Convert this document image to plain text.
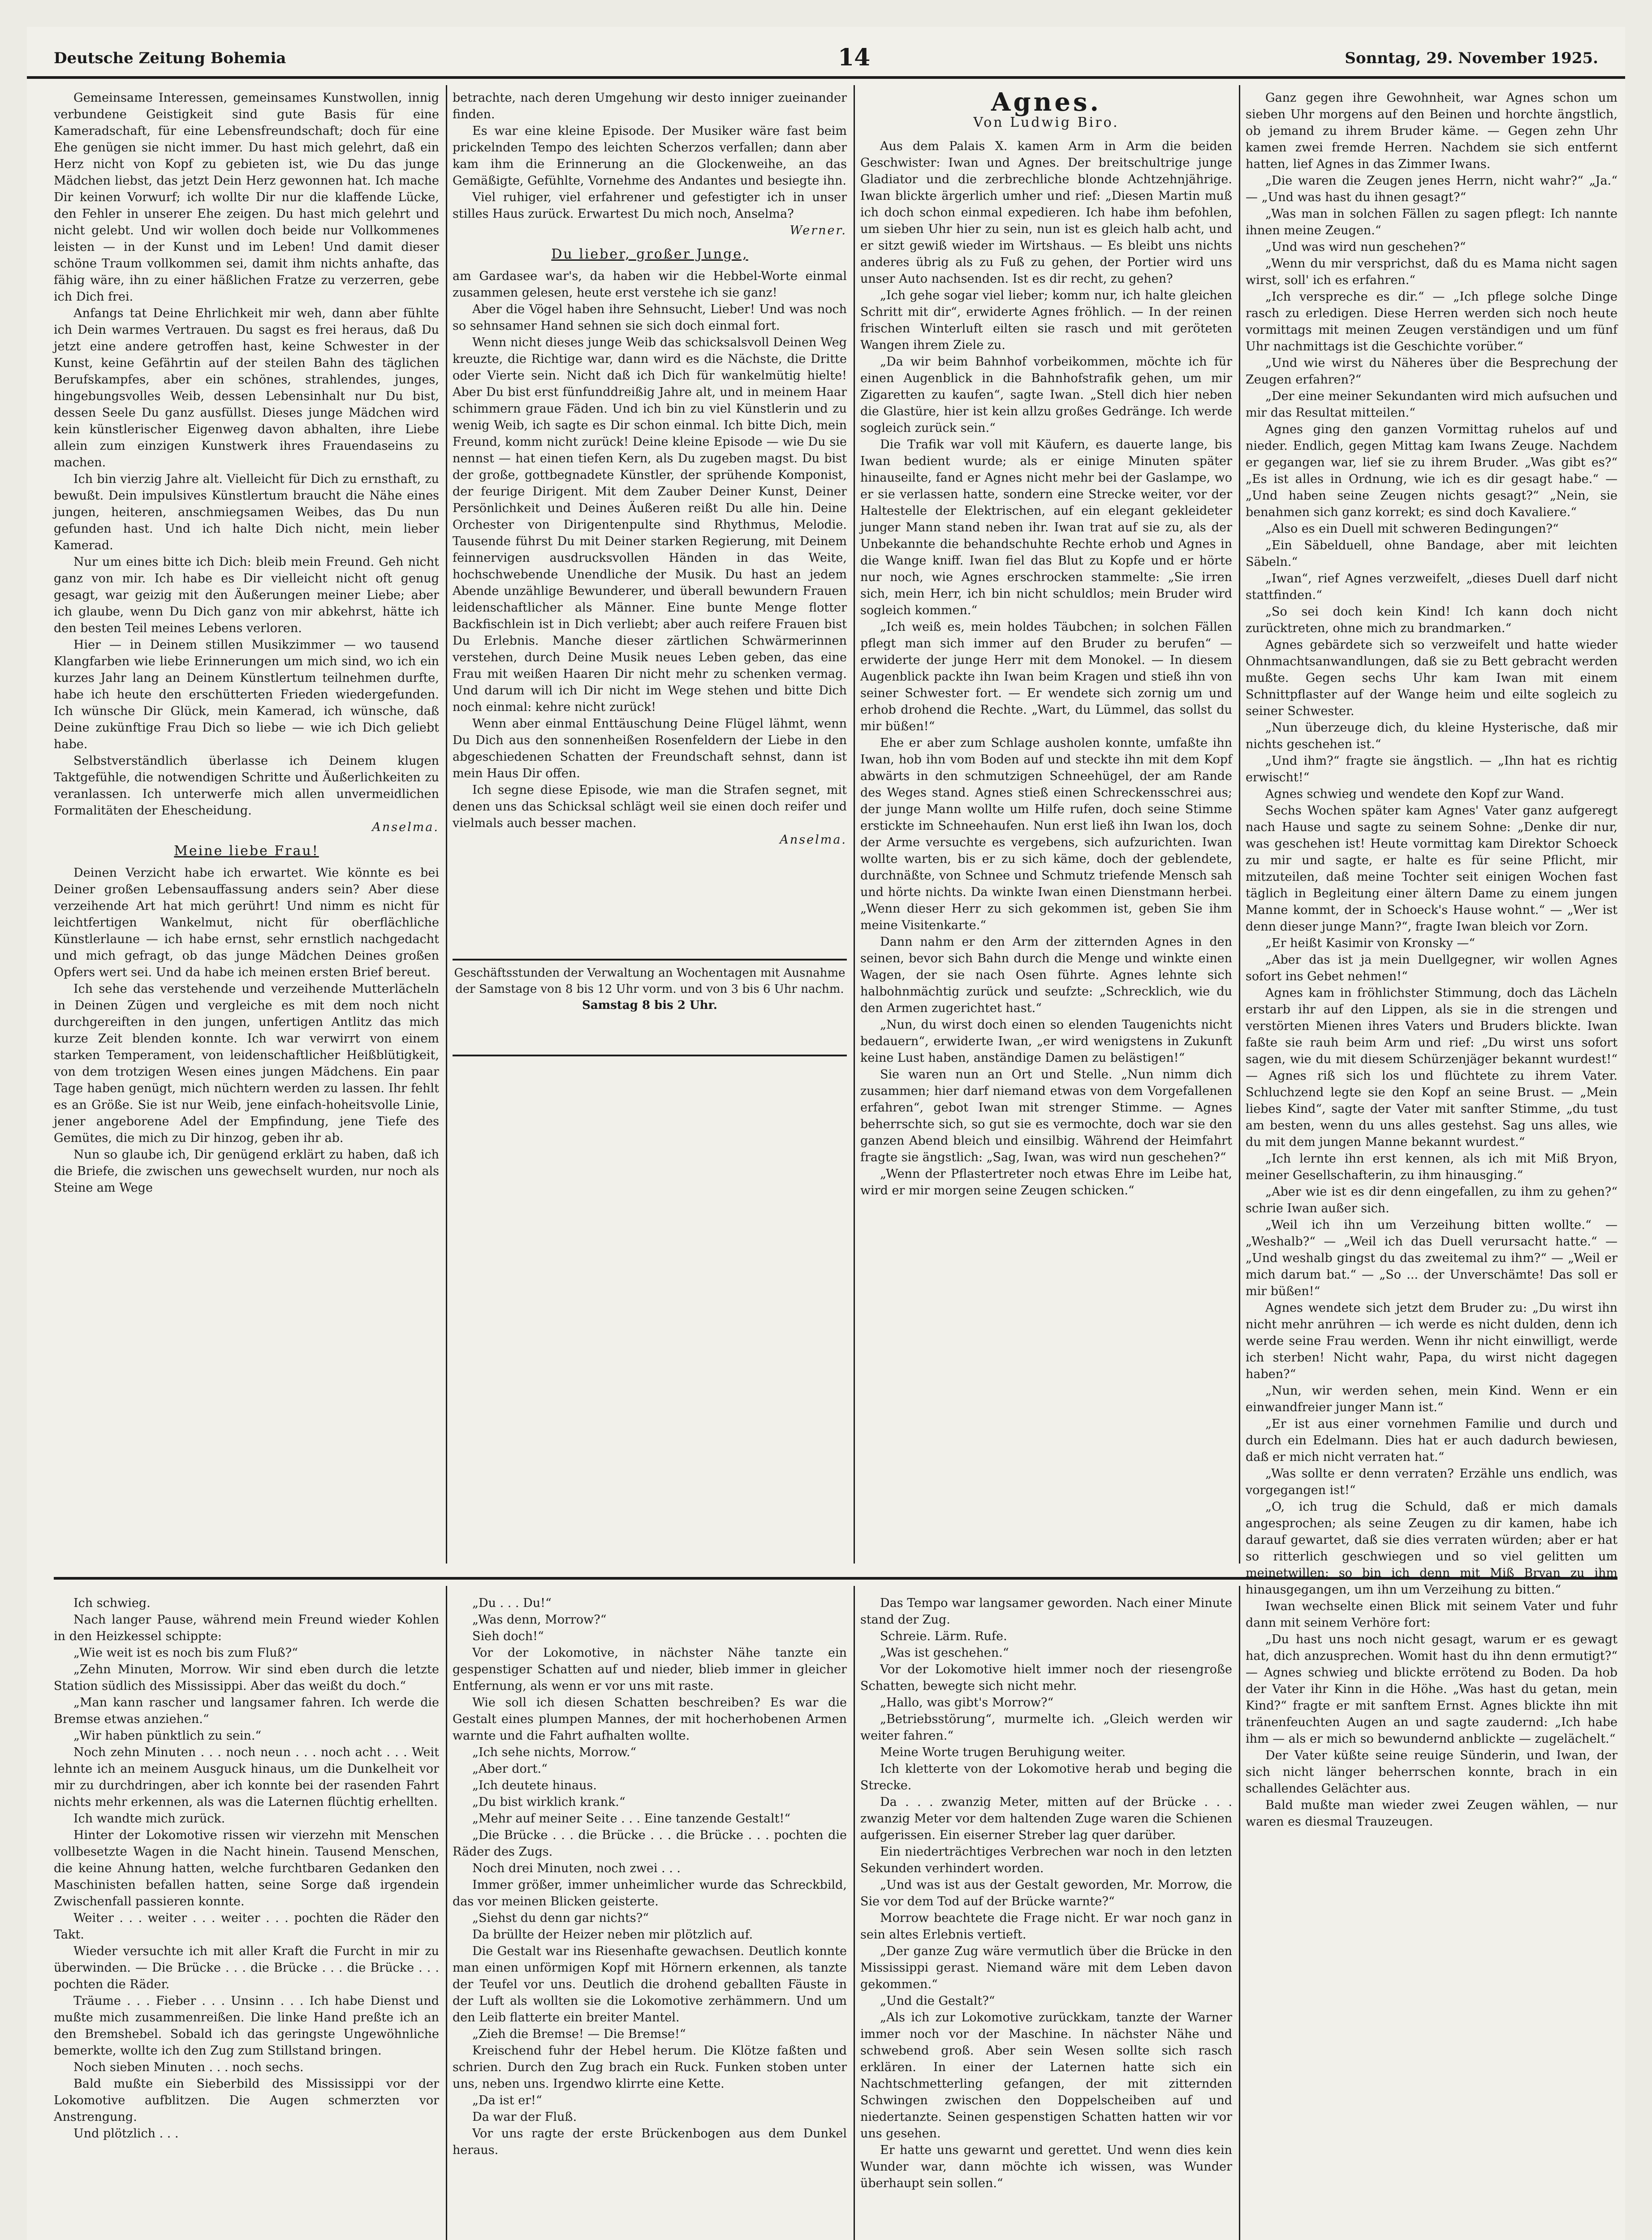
Deutsche Zeitung Bohemia	14	Sonntag, 29. November 1925.

Gemeinsame Interessen, gemeinsames Kunstwollen, innig verbundene Geistigkeit sind gute Basis für eine Kameradschaft, für eine Lebensfreundschaft; doch für eine Ehe genügen sie nicht immer. Du hast mich gelehrt, daß ein Herz nicht von Kopf zu gebieten ist, wie Du das junge Mädchen liebst, das jetzt Dein Herz gewonnen hat. Ich mache Dir keinen Vorwurf; ich wollte Dir nur die klaffende Lücke, den Fehler in unserer Ehe zeigen. Du hast mich gelehrt und nicht gelebt. Und wir wollen doch beide nur Vollkommenes leisten — in der Kunst und im Leben! Und damit dieser schöne Traum vollkommen sei, damit ihm nichts anhafte, das fähig wäre, ihn zu einer häßlichen Fratze zu verzerren, gebe ich Dich frei.

Anfangs tat Deine Ehrlichkeit mir weh, dann aber fühlte ich Dein warmes Vertrauen. Du sagst es frei heraus, daß Du jetzt eine andere getroffen hast, keine Schwester in der Kunst, keine Gefährtin auf der steilen Bahn des täglichen Berufskampfes, aber ein schönes, strahlendes, junges, hingebungsvolles Weib, dessen Lebensinhalt nur Du bist, dessen Seele Du ganz ausfüllst. Dieses junge Mädchen wird kein künstlerischer Eigenweg davon abhalten, ihre Liebe allein zum einzigen Kunstwerk ihres Frauendaseins zu machen.

Ich bin vierzig Jahre alt. Vielleicht für Dich zu ernsthaft, zu bewußt. Dein impulsives Künstlertum braucht die Nähe eines jungen, heiteren, anschmiegsamen Weibes, das Du nun gefunden hast. Und ich halte Dich nicht, mein lieber Kamerad.

Nur um eines bitte ich Dich: bleib mein Freund. Geh nicht ganz von mir. Ich habe es Dir vielleicht nicht oft genug gesagt, war geizig mit den Äußerungen meiner Liebe; aber ich glaube, wenn Du Dich ganz von mir abkehrst, hätte ich den besten Teil meines Lebens verloren.

Hier — in Deinem stillen Musikzimmer — wo tausend Klangfarben wie liebe Erinnerungen um mich sind, wo ich ein kurzes Jahr lang an Deinem Künstlertum teilnehmen durfte, habe ich heute den erschütterten Frieden wiedergefunden. Ich wünsche Dir Glück, mein Kamerad, ich wünsche, daß Deine zukünftige Frau Dich so liebe — wie ich Dich geliebt habe.

Selbstverständlich überlasse ich Deinem klugen Taktgefühle, die notwendigen Schritte und Äußerlichkeiten zu veranlassen. Ich unterwerfe mich allen unvermeidlichen Formalitäten der Ehescheidung.

Anselma.

Meine liebe Frau!

Deinen Verzicht habe ich erwartet. Wie könnte es bei Deiner großen Lebensauffassung anders sein? Aber diese verzeihende Art hat mich gerührt! Und nimm es nicht für leichtfertigen Wankelmut, nicht für oberflächliche Künstlerlaune — ich habe ernst, sehr ernstlich nachgedacht und mich gefragt, ob das junge Mädchen Deines großen Opfers wert sei. Und da habe ich meinen ersten Brief bereut.

Ich sehe das verstehende und verzeihende Mutterlächeln in Deinen Zügen und vergleiche es mit dem noch nicht durchgereiften in den jungen, unfertigen Antlitz das mich kurze Zeit blenden konnte. Ich war verwirrt von einem starken Temperament, von leidenschaftlicher Heißblütigkeit, von dem trotzigen Wesen eines jungen Mädchens. Ein paar Tage haben genügt, mich nüchtern werden zu lassen. Ihr fehlt es an Größe. Sie ist nur Weib, jene einfach-hoheitsvolle Linie, jener angeborene Adel der Empfindung, jene Tiefe des Gemütes, die mich zu Dir hinzog, geben ihr ab.

Nun so glaube ich, Dir genügend erklärt zu haben, daß ich die Briefe, die zwischen uns gewechselt wurden, nur noch als Steine am Wege

betrachte, nach deren Umgehung wir desto inniger zueinander finden.

Es war eine kleine Episode. Der Musiker wäre fast beim prickelnden Tempo des leichten Scherzos verfallen; dann aber kam ihm die Erinnerung an die Glockenweihe, an das Gemäßigte, Gefühlte, Vornehme des Andantes und besiegte ihn.

Viel ruhiger, viel erfahrener und gefestigter ich in unser stilles Haus zurück. Erwartest Du mich noch, Anselma?

Werner.

Du lieber, großer Junge,

am Gardasee war's, da haben wir die Hebbel-Worte einmal zusammen gelesen, heute erst verstehe ich sie ganz!

Aber die Vögel haben ihre Sehnsucht, Lieber! Und was noch so sehnsamer Hand sehnen sie sich doch einmal fort.

Wenn nicht dieses junge Weib das schicksalsvoll Deinen Weg kreuzte, die Richtige war, dann wird es die Nächste, die Dritte oder Vierte sein. Nicht daß ich Dich für wankelmütig hielte! Aber Du bist erst fünfunddreißig Jahre alt, und in meinem Haar schimmern graue Fäden. Und ich bin zu viel Künstlerin und zu wenig Weib, ich sagte es Dir schon einmal. Ich bitte Dich, mein Freund, komm nicht zurück! Deine kleine Episode — wie Du sie nennst — hat einen tiefen Kern, als Du zugeben magst. Du bist der große, gottbegnadete Künstler, der sprühende Komponist, der feurige Dirigent. Mit dem Zauber Deiner Kunst, Deiner Persönlichkeit und Deines Äußeren reißt Du alle hin. Deine Orchester von Dirigentenpulte sind Rhythmus, Melodie. Tausende führst Du mit Deiner starken Regierung, mit Deinem feinnervigen ausdrucksvollen Händen in das Weite, hochschwebende Unendliche der Musik. Du hast an jedem Abende unzählige Bewunderer, und überall bewundern Frauen leidenschaftlicher als Männer. Eine bunte Menge flotter Backfischlein ist in Dich verliebt; aber auch reifere Frauen bist Du Erlebnis. Manche dieser zärtlichen Schwärmerinnen verstehen, durch Deine Musik neues Leben geben, das eine Frau mit weißen Haaren Dir nicht mehr zu schenken vermag. Und darum will ich Dir nicht im Wege stehen und bitte Dich noch einmal: kehre nicht zurück!

Wenn aber einmal Enttäuschung Deine Flügel lähmt, wenn Du Dich aus den sonnenheißen Rosenfeldern der Liebe in den abgeschiedenen Schatten der Freundschaft sehnst, dann ist mein Haus Dir offen.

Ich segne diese Episode, wie man die Strafen segnet, mit denen uns das Schicksal schlägt weil sie einen doch reifer und vielmals auch besser machen.

Anselma.

Geschäftsstunden der Verwaltung an Wochentagen mit Ausnahme der Samstage von 8 bis 12 Uhr vorm. und von 3 bis 6 Uhr nachm.
Samstag 8 bis 2 Uhr.
Agnes.
Von Ludwig Biro.

Aus dem Palais X. kamen Arm in Arm die beiden Geschwister: Iwan und Agnes. Der breitschultrige junge Gladiator und die zerbrechliche blonde Achtzehnjährige. Iwan blickte ärgerlich umher und rief: „Diesen Martin muß ich doch schon einmal expedieren. Ich habe ihm befohlen, um sieben Uhr hier zu sein, nun ist es gleich halb acht, und er sitzt gewiß wieder im Wirtshaus. — Es bleibt uns nichts anderes übrig als zu Fuß zu gehen, der Portier wird uns unser Auto nachsenden. Ist es dir recht, zu gehen?

„Ich gehe sogar viel lieber; komm nur, ich halte gleichen Schritt mit dir“, erwiderte Agnes fröhlich. — In der reinen frischen Winterluft eilten sie rasch und mit geröteten Wangen ihrem Ziele zu.

„Da wir beim Bahnhof vorbeikommen, möchte ich für einen Augenblick in die Bahnhofstrafik gehen, um mir Zigaretten zu kaufen“, sagte Iwan. „Stell dich hier neben die Glastüre, hier ist kein allzu großes Gedränge. Ich werde sogleich zurück sein.“

Die Trafik war voll mit Käufern, es dauerte lange, bis Iwan bedient wurde; als er einige Minuten später hinauseilte, fand er Agnes nicht mehr bei der Gaslampe, wo er sie verlassen hatte, sondern eine Strecke weiter, vor der Haltestelle der Elektrischen, auf ein elegant gekleideter junger Mann stand neben ihr. Iwan trat auf sie zu, als der Unbekannte die behandschuhte Rechte erhob und Agnes in die Wange kniff. Iwan fiel das Blut zu Kopfe und er hörte nur noch, wie Agnes erschrocken stammelte: „Sie irren sich, mein Herr, ich bin nicht schuldlos; mein Bruder wird sogleich kommen.“

„Ich weiß es, mein holdes Täubchen; in solchen Fällen pflegt man sich immer auf den Bruder zu berufen“ — erwiderte der junge Herr mit dem Monokel. — In diesem Augenblick packte ihn Iwan beim Kragen und stieß ihn von seiner Schwester fort. — Er wendete sich zornig um und erhob drohend die Rechte. „Wart, du Lümmel, das sollst du mir büßen!“

Ehe er aber zum Schlage ausholen konnte, umfaßte ihn Iwan, hob ihn vom Boden auf und steckte ihn mit dem Kopf abwärts in den schmutzigen Schneehügel, der am Rande des Weges stand. Agnes stieß einen Schreckensschrei aus; der junge Mann wollte um Hilfe rufen, doch seine Stimme erstickte im Schneehaufen. Nun erst ließ ihn Iwan los, doch der Arme versuchte es vergebens, sich aufzurichten. Iwan wollte warten, bis er zu sich käme, doch der geblendete, durchnäßte, von Schnee und Schmutz triefende Mensch sah und hörte nichts. Da winkte Iwan einen Dienstmann herbei. „Wenn dieser Herr zu sich gekommen ist, geben Sie ihm meine Visitenkarte.“

Dann nahm er den Arm der zitternden Agnes in den seinen, bevor sich Bahn durch die Menge und winkte einen Wagen, der sie nach Osen führte. Agnes lehnte sich halbohnmächtig zurück und seufzte: „Schrecklich, wie du den Armen zugerichtet hast.“

„Nun, du wirst doch einen so elenden Taugenichts nicht bedauern“, erwiderte Iwan, „er wird wenigstens in Zukunft keine Lust haben, anständige Damen zu belästigen!“

Sie waren nun an Ort und Stelle. „Nun nimm dich zusammen; hier darf niemand etwas von dem Vorgefallenen erfahren“, gebot Iwan mit strenger Stimme. — Agnes beherrschte sich, so gut sie es vermochte, doch war sie den ganzen Abend bleich und einsilbig. Während der Heimfahrt fragte sie ängstlich: „Sag, Iwan, was wird nun geschehen?“

„Wenn der Pflastertreter noch etwas Ehre im Leibe hat, wird er mir morgen seine Zeugen schicken.“

Ganz gegen ihre Gewohnheit, war Agnes schon um sieben Uhr morgens auf den Beinen und horchte ängstlich, ob jemand zu ihrem Bruder käme. — Gegen zehn Uhr kamen zwei fremde Herren. Nachdem sie sich entfernt hatten, lief Agnes in das Zimmer Iwans.

„Die waren die Zeugen jenes Herrn, nicht wahr?“ „Ja.“ — „Und was hast du ihnen gesagt?“

„Was man in solchen Fällen zu sagen pflegt: Ich nannte ihnen meine Zeugen.“

„Und was wird nun geschehen?“

„Wenn du mir versprichst, daß du es Mama nicht sagen wirst, soll' ich es erfahren.“

„Ich verspreche es dir.“ — „Ich pflege solche Dinge rasch zu erledigen. Diese Herren werden sich noch heute vormittags mit meinen Zeugen verständigen und um fünf Uhr nachmittags ist die Geschichte vorüber.“

„Und wie wirst du Näheres über die Besprechung der Zeugen erfahren?“

„Der eine meiner Sekundanten wird mich aufsuchen und mir das Resultat mitteilen.“

Agnes ging den ganzen Vormittag ruhelos auf und nieder. Endlich, gegen Mittag kam Iwans Zeuge. Nachdem er gegangen war, lief sie zu ihrem Bruder. „Was gibt es?“ „Es ist alles in Ordnung, wie ich es dir gesagt habe.“ — „Und haben seine Zeugen nichts gesagt?“ „Nein, sie benahmen sich ganz korrekt; es sind doch Kavaliere.“

„Also es ein Duell mit schweren Bedingungen?“

„Ein Säbelduell, ohne Bandage, aber mit leichten Säbeln.“

„Iwan“, rief Agnes verzweifelt, „dieses Duell darf nicht stattfinden.“

„So sei doch kein Kind! Ich kann doch nicht zurücktreten, ohne mich zu brandmarken.“

Agnes gebärdete sich so verzweifelt und hatte wieder Ohnmachtsanwandlungen, daß sie zu Bett gebracht werden mußte. Gegen sechs Uhr kam Iwan mit einem Schnittpflaster auf der Wange heim und eilte sogleich zu seiner Schwester.

„Nun überzeuge dich, du kleine Hysterische, daß mir nichts geschehen ist.“

„Und ihm?“ fragte sie ängstlich. — „Ihn hat es richtig erwischt!“

Agnes schwieg und wendete den Kopf zur Wand.

Sechs Wochen später kam Agnes' Vater ganz aufgeregt nach Hause und sagte zu seinem Sohne: „Denke dir nur, was geschehen ist! Heute vormittag kam Direktor Schoeck zu mir und sagte, er halte es für seine Pflicht, mir mitzuteilen, daß meine Tochter seit einigen Wochen fast täglich in Begleitung einer ältern Dame zu einem jungen Manne kommt, der in Schoeck's Hause wohnt.“ — „Wer ist denn dieser junge Mann?“, fragte Iwan bleich vor Zorn.

„Er heißt Kasimir von Kronsky —“

„Aber das ist ja mein Duellgegner, wir wollen Agnes sofort ins Gebet nehmen!“

Agnes kam in fröhlichster Stimmung, doch das Lächeln erstarb ihr auf den Lippen, als sie in die strengen und verstörten Mienen ihres Vaters und Bruders blickte. Iwan faßte sie rauh beim Arm und rief: „Du wirst uns sofort sagen, wie du mit diesem Schürzenjäger bekannt wurdest!“ — Agnes riß sich los und flüchtete zu ihrem Vater. Schluchzend legte sie den Kopf an seine Brust. — „Mein liebes Kind“, sagte der Vater mit sanfter Stimme, „du tust am besten, wenn du uns alles gestehst. Sag uns alles, wie du mit dem jungen Manne bekannt wurdest.“

„Ich lernte ihn erst kennen, als ich mit Miß Bryon, meiner Gesellschafterin, zu ihm hinausging.“

„Aber wie ist es dir denn eingefallen, zu ihm zu gehen?“ schrie Iwan außer sich.

„Weil ich ihn um Verzeihung bitten wollte.“ — „Weshalb?“ — „Weil ich das Duell verursacht hatte.“ — „Und weshalb gingst du das zweitemal zu ihm?“ — „Weil er mich darum bat.“ — „So ... der Unverschämte! Das soll er mir büßen!“

Agnes wendete sich jetzt dem Bruder zu: „Du wirst ihn nicht mehr anrühren — ich werde es nicht dulden, denn ich werde seine Frau werden. Wenn ihr nicht einwilligt, werde ich sterben! Nicht wahr, Papa, du wirst nicht dagegen haben?“

„Nun, wir werden sehen, mein Kind. Wenn er ein einwandfreier junger Mann ist.“

„Er ist aus einer vornehmen Familie und durch und durch ein Edelmann. Dies hat er auch dadurch bewiesen, daß er mich nicht verraten hat.“

„Was sollte er denn verraten? Erzähle uns endlich, was vorgegangen ist!“

„O, ich trug die Schuld, daß er mich damals angesprochen; als seine Zeugen zu dir kamen, habe ich darauf gewartet, daß sie dies verraten würden; aber er hat so ritterlich geschwiegen und so viel gelitten um meinetwillen; so bin ich denn mit Miß Bryan zu ihm hinausgegangen, um ihn um Verzeihung zu bitten.“

Iwan wechselte einen Blick mit seinem Vater und fuhr dann mit seinem Verhöre fort:

„Du hast uns noch nicht gesagt, warum er es gewagt hat, dich anzusprechen. Womit hast du ihn denn ermutigt?“ — Agnes schwieg und blickte errötend zu Boden. Da hob der Vater ihr Kinn in die Höhe. „Was hast du getan, mein Kind?“ fragte er mit sanftem Ernst. Agnes blickte ihn mit tränenfeuchten Augen an und sagte zaudernd: „Ich habe ihm — als er mich so bewundernd anblickte — zugelächelt.“

Der Vater küßte seine reuige Sünderin, und Iwan, der sich nicht länger beherrschen konnte, brach in ein schallendes Gelächter aus.

Bald mußte man wieder zwei Zeugen wählen, — nur waren es diesmal Trauzeugen.

Ich schwieg.

Nach langer Pause, während mein Freund wieder Kohlen in den Heizkessel schippte:

„Wie weit ist es noch bis zum Fluß?“

„Zehn Minuten, Morrow. Wir sind eben durch die letzte Station südlich des Mississippi. Aber das weißt du doch.“

„Man kann rascher und langsamer fahren. Ich werde die Bremse etwas anziehen.“

„Wir haben pünktlich zu sein.“

Noch zehn Minuten . . . noch neun . . . noch acht . . . Weit lehnte ich an meinem Ausguck hinaus, um die Dunkelheit vor mir zu durchdringen, aber ich konnte bei der rasenden Fahrt nichts mehr erkennen, als was die Laternen flüchtig erhellten.

Ich wandte mich zurück.

Hinter der Lokomotive rissen wir vierzehn mit Menschen vollbesetzte Wagen in die Nacht hinein. Tausend Menschen, die keine Ahnung hatten, welche furchtbaren Gedanken den Maschinisten befallen hatten, seine Sorge daß irgendein Zwischenfall passieren konnte.

Weiter . . . weiter . . . weiter . . . pochten die Räder den Takt.

Wieder versuchte ich mit aller Kraft die Furcht in mir zu überwinden. — Die Brücke . . . die Brücke . . . die Brücke . . . pochten die Räder.

Träume . . . Fieber . . . Unsinn . . . Ich habe Dienst und mußte mich zusammenreißen. Die linke Hand preßte ich an den Bremshebel. Sobald ich das geringste Ungewöhnliche bemerkte, wollte ich den Zug zum Stillstand bringen.

Noch sieben Minuten . . . noch sechs.

Bald mußte ein Sieberbild des Mississippi vor der Lokomotive aufblitzen. Die Augen schmerzten vor Anstrengung.

Und plötzlich . . .

„Du . . . Du!“

„Was denn, Morrow?“

Sieh doch!“

Vor der Lokomotive, in nächster Nähe tanzte ein gespenstiger Schatten auf und nieder, blieb immer in gleicher Entfernung, als wenn er vor uns mit raste.

Wie soll ich diesen Schatten beschreiben? Es war die Gestalt eines plumpen Mannes, der mit hocherhobenen Armen warnte und die Fahrt aufhalten wollte.

„Ich sehe nichts, Morrow.“

„Aber dort.“

„Ich deutete hinaus.

„Du bist wirklich krank.“

„Mehr auf meiner Seite . . . Eine tanzende Gestalt!“

„Die Brücke . . . die Brücke . . . die Brücke . . . pochten die Räder des Zugs.

Noch drei Minuten, noch zwei . . .

Immer größer, immer unheimlicher wurde das Schreckbild, das vor meinen Blicken geisterte.

„Siehst du denn gar nichts?“

Da brüllte der Heizer neben mir plötzlich auf.

Die Gestalt war ins Riesenhafte gewachsen. Deutlich konnte man einen unförmigen Kopf mit Hörnern erkennen, als tanzte der Teufel vor uns. Deutlich die drohend geballten Fäuste in der Luft als wollten sie die Lokomotive zerhämmern. Und um den Leib flatterte ein breiter Mantel.

„Zieh die Bremse! — Die Bremse!“

Kreischend fuhr der Hebel herum. Die Klötze faßten und schrien. Durch den Zug brach ein Ruck. Funken stoben unter uns, neben uns. Irgendwo klirrte eine Kette.

„Da ist er!“

Da war der Fluß.

Vor uns ragte der erste Brückenbogen aus dem Dunkel heraus.

Das Tempo war langsamer geworden. Nach einer Minute stand der Zug.

Schreie. Lärm. Rufe.

„Was ist geschehen.“

Vor der Lokomotive hielt immer noch der riesengroße Schatten, bewegte sich nicht mehr.

„Hallo, was gibt's Morrow?“

„Betriebsstörung“, murmelte ich. „Gleich werden wir weiter fahren.“

Meine Worte trugen Beruhigung weiter.

Ich kletterte von der Lokomotive herab und beging die Strecke.

Da . . . zwanzig Meter, mitten auf der Brücke . . . zwanzig Meter vor dem haltenden Zuge waren die Schienen aufgerissen. Ein eiserner Streber lag quer darüber.

Ein niederträchtiges Verbrechen war noch in den letzten Sekunden verhindert worden.

„Und was ist aus der Gestalt geworden, Mr. Morrow, die Sie vor dem Tod auf der Brücke warnte?“

Morrow beachtete die Frage nicht. Er war noch ganz in sein altes Erlebnis vertieft.

„Der ganze Zug wäre vermutlich über die Brücke in den Mississippi gerast. Niemand wäre mit dem Leben davon gekommen.“

„Und die Gestalt?“

„Als ich zur Lokomotive zurückkam, tanzte der Warner immer noch vor der Maschine. In nächster Nähe und schwebend groß. Aber sein Wesen sollte sich rasch erklären. In einer der Laternen hatte sich ein Nachtschmetterling gefangen, der mit zitternden Schwingen zwischen den Doppelscheiben auf und niedertanzte. Seinen gespenstigen Schatten hatten wir vor uns gesehen.

Er hatte uns gewarnt und gerettet. Und wenn dies kein Wunder war, dann möchte ich wissen, was Wunder überhaupt sein sollen.“
